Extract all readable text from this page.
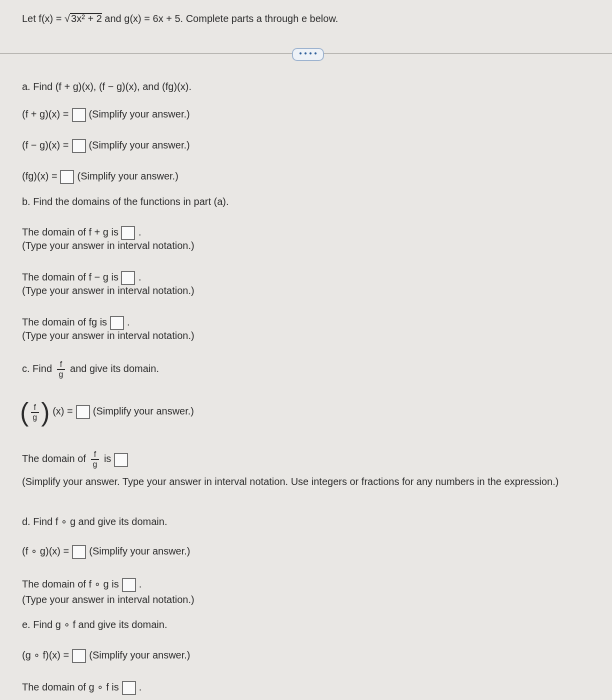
Let f(x) = √3x² + 2 and g(x) = 6x + 5. Complete parts a through e below.
• • • •
a. Find (f + g)(x), (f − g)(x), and (fg)(x).
(f + g)(x) = (Simplify your answer.)
(f − g)(x) = (Simplify your answer.)
(fg)(x) = (Simplify your answer.)
b. Find the domains of the functions in part (a).
The domain of f + g is .
(Type your answer in interval notation.)
The domain of f − g is .
(Type your answer in interval notation.)
The domain of fg is .
(Type your answer in interval notation.)
c. Find $\frac{f}{g}$ and give its domain.
( $\frac{f}{g}$ ) (x) = (Simplify your answer.)
The domain of $\frac{f}{g}$ is
(Simplify your answer. Type your answer in interval notation. Use integers or fractions for any numbers in the expression.)
d. Find f ∘ g and give its domain.
(f ∘ g)(x) = (Simplify your answer.)
The domain of f ∘ g is .
(Type your answer in interval notation.)
e. Find g ∘ f and give its domain.
(g ∘ f)(x) = (Simplify your answer.)
The domain of g ∘ f is .
